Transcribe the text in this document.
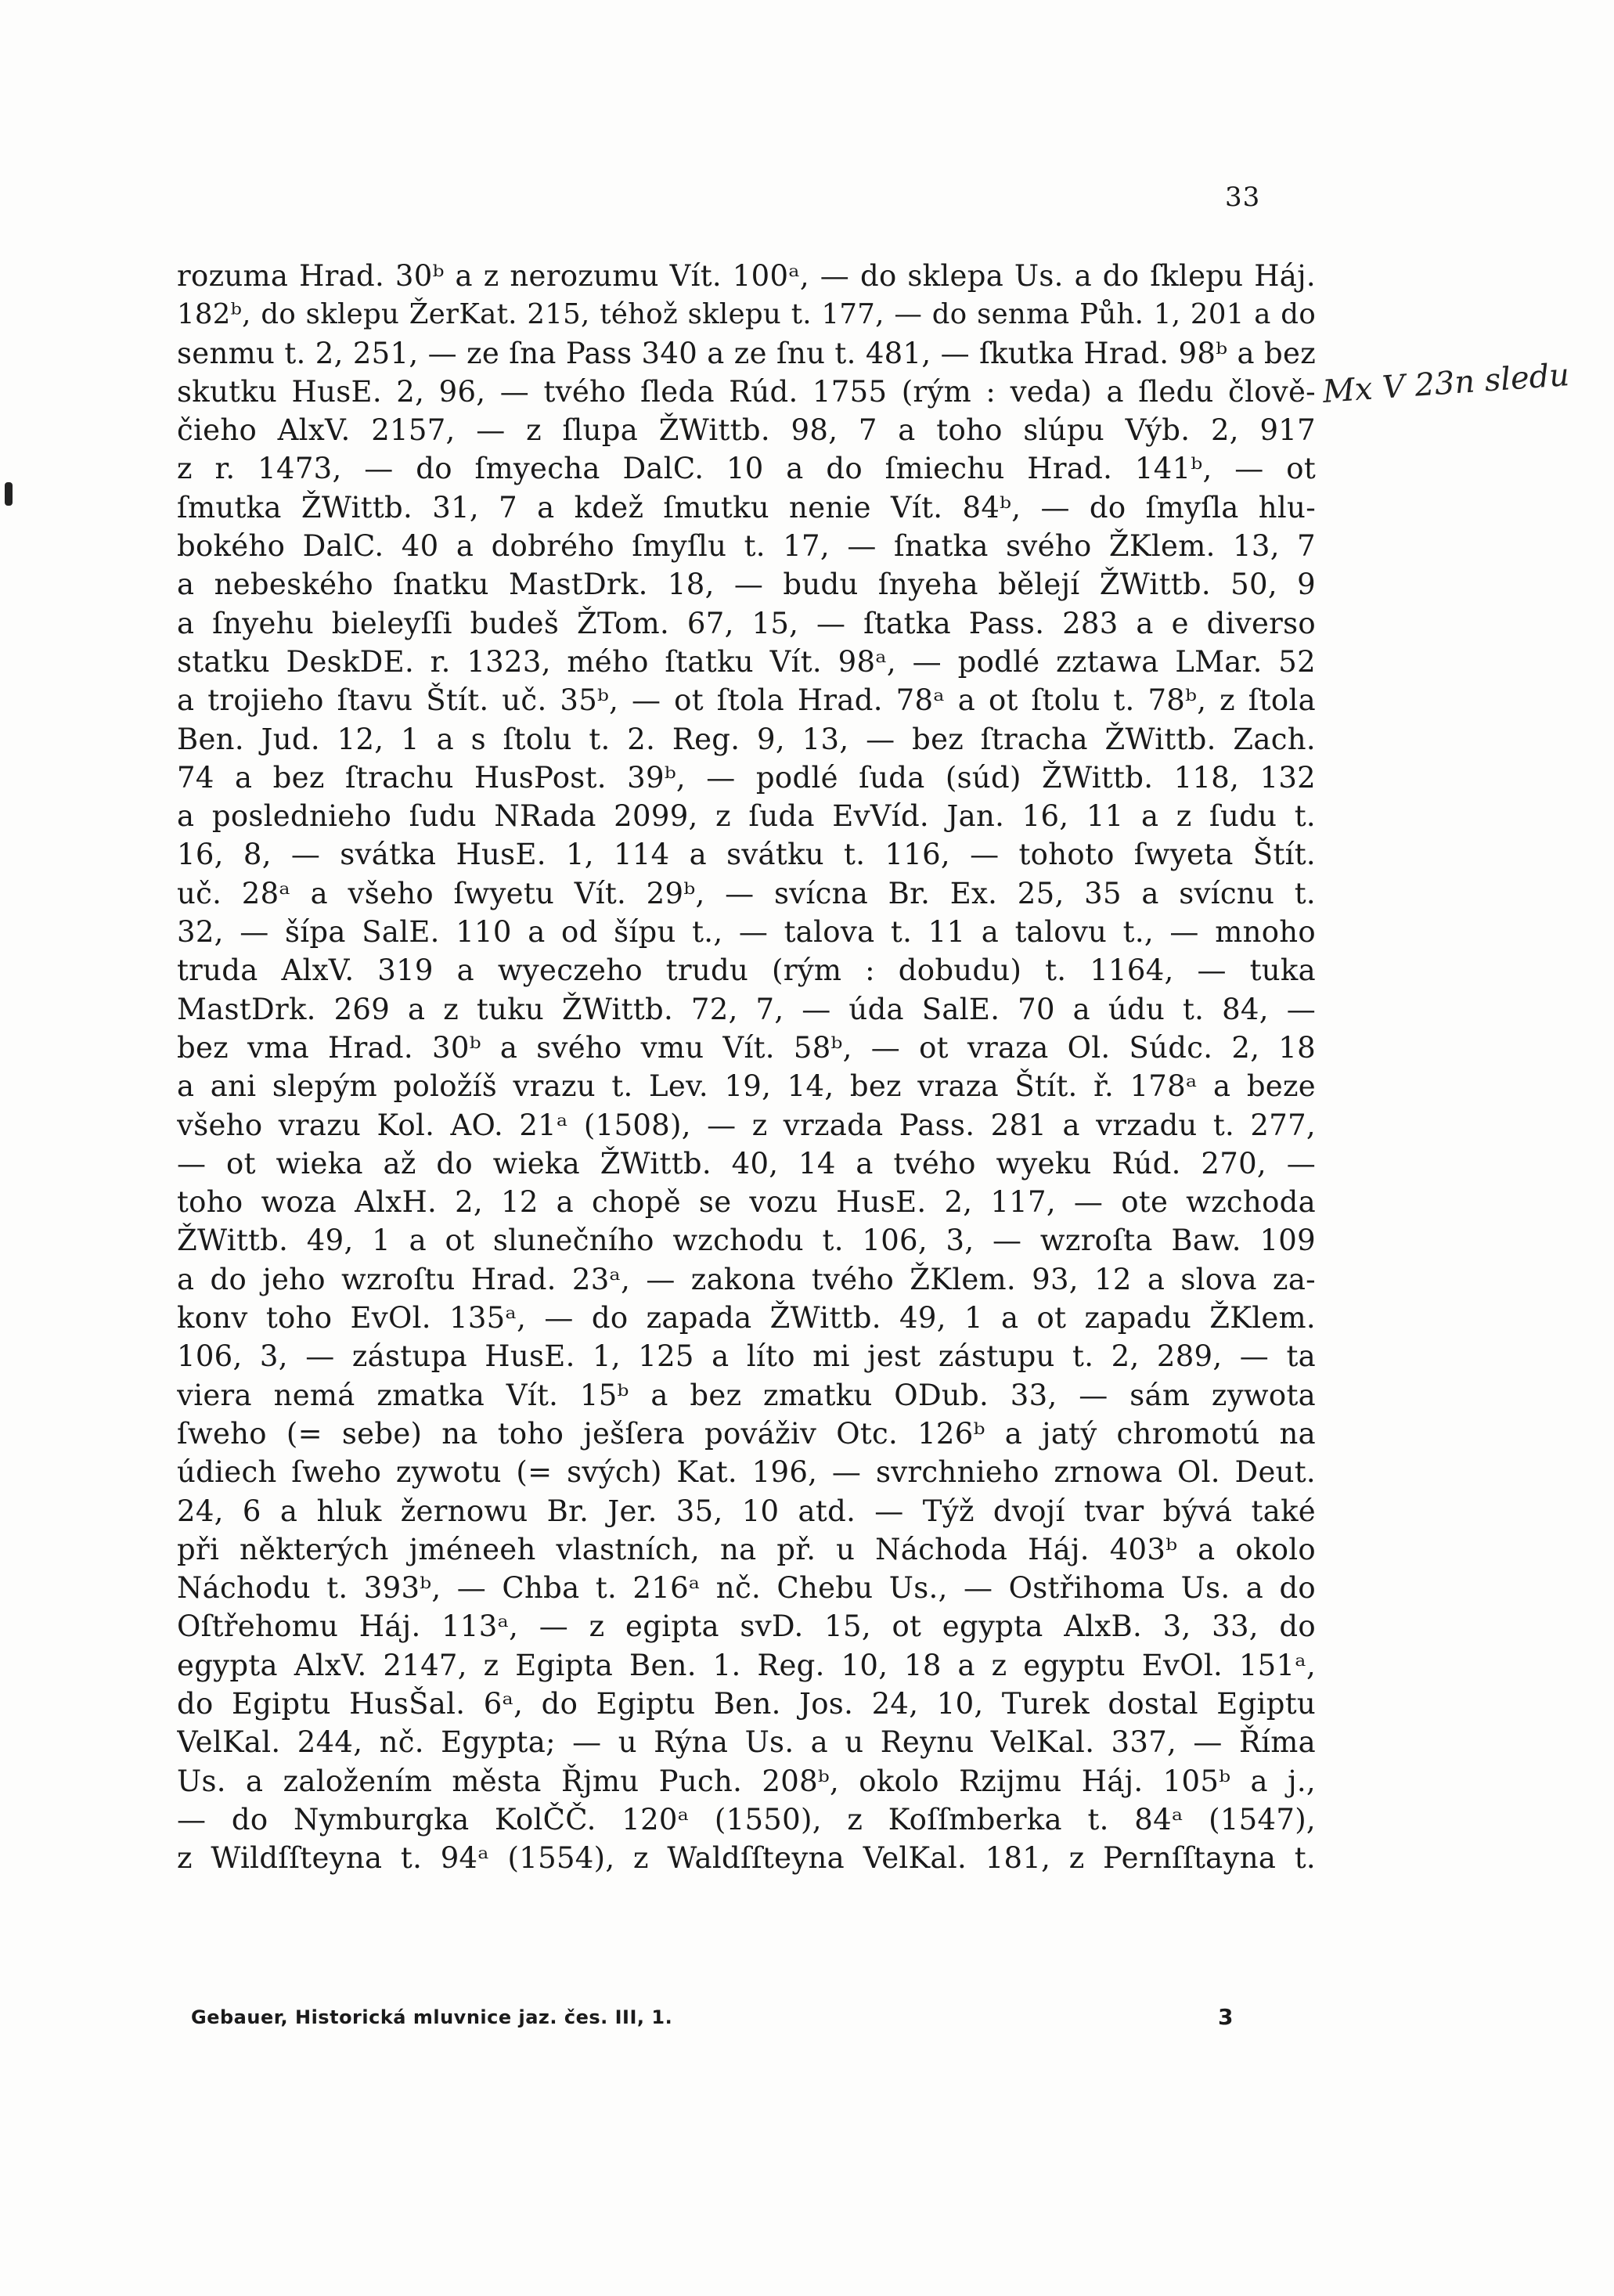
33
Mx V 23n sledu
rozuma Hrad. 30ᵇ a z nerozumu Vít. 100ᵃ, — do sklepa Us. a do ſklepu Háj.
182ᵇ, do sklepu ŽerKat. 215, téhož sklepu t. 177, — do senma Půh. 1, 201 a do
senmu t. 2, 251, — ze ſna Pass 340 a ze ſnu t. 481, — ſkutka Hrad. 98ᵇ a bez
skutku HusE. 2, 96, — tvého ſleda Rúd. 1755 (rým : veda) a ſledu člově-
čieho AlxV. 2157, — z ſlupa ŽWittb. 98, 7 a toho slúpu Výb. 2, 917
z r. 1473, — do ſmyecha DalC. 10 a do ſmiechu Hrad. 141ᵇ, — ot
ſmutka ŽWittb. 31, 7 a kdež ſmutku nenie Vít. 84ᵇ, — do ſmyſla hlu-
bokého DalC. 40 a dobrého ſmyſlu t. 17, — ſnatka svého ŽKlem. 13, 7
a nebeského ſnatku MastDrk. 18, — budu ſnyeha bělejí ŽWittb. 50, 9
a ſnyehu bieleyſſi budeš ŽTom. 67, 15, — ſtatka Pass. 283 a e diverso
statku DeskDE. r. 1323, mého ſtatku Vít. 98ᵃ, — podlé zztawa LMar. 52
a trojieho ſtavu Štít. uč. 35ᵇ, — ot ſtola Hrad. 78ᵃ a ot ſtolu t. 78ᵇ, z ſtola
Ben. Jud. 12, 1 a s ſtolu t. 2. Reg. 9, 13, — bez ſtracha ŽWittb. Zach.
74 a bez ſtrachu HusPost. 39ᵇ, — podlé ſuda (súd) ŽWittb. 118, 132
a poslednieho ſudu NRada 2099, z ſuda EvVíd. Jan. 16, 11 a z ſudu t.
16, 8, — svátka HusE. 1, 114 a svátku t. 116, — tohoto ſwyeta Štít.
uč. 28ᵃ a všeho ſwyetu Vít. 29ᵇ, — svícna Br. Ex. 25, 35 a svícnu t.
32, — šípa SalE. 110 a od šípu t., — talova t. 11 a talovu t., — mnoho
truda AlxV. 319 a wyeczeho trudu (rým : dobudu) t. 1164, — tuka
MastDrk. 269 a z tuku ŽWittb. 72, 7, — úda SalE. 70 a údu t. 84, —
bez vma Hrad. 30ᵇ a svého vmu Vít. 58ᵇ, — ot vraza Ol. Súdc. 2, 18
a ani slepým položíš vrazu t. Lev. 19, 14, bez vraza Štít. ř. 178ᵃ a beze
všeho vrazu Kol. AO. 21ᵃ (1508), — z vrzada Pass. 281 a vrzadu t. 277,
— ot wieka až do wieka ŽWittb. 40, 14 a tvého wyeku Rúd. 270, —
toho woza AlxH. 2, 12 a chopě se vozu HusE. 2, 117, — ote wzchoda
ŽWittb. 49, 1 a ot slunečního wzchodu t. 106, 3, — wzroſta Baw. 109
a do jeho wzroſtu Hrad. 23ᵃ, — zakona tvého ŽKlem. 93, 12 a slova za-
konv toho EvOl. 135ᵃ, — do zapada ŽWittb. 49, 1 a ot zapadu ŽKlem.
106, 3, — zástupa HusE. 1, 125 a líto mi jest zástupu t. 2, 289, — ta
viera nemá zmatka Vít. 15ᵇ a bez zmatku ODub. 33, — sám zywota
ſweho (= sebe) na toho ješſera pováživ Otc. 126ᵇ a jatý chromotú na
údiech ſweho zywotu (= svých) Kat. 196, — svrchnieho zrnowa Ol. Deut.
24, 6 a hluk žernowu Br. Jer. 35, 10 atd. — Týž dvojí tvar bývá také
při některých jméneeh vlastních, na př. u Náchoda Háj. 403ᵇ a okolo
Náchodu t. 393ᵇ, — Chba t. 216ᵃ nč. Chebu Us., — Ostřihoma Us. a do
Oſtřehomu Háj. 113ᵃ, — z egipta svD. 15, ot egypta AlxB. 3, 33, do
egypta AlxV. 2147, z Egipta Ben. 1. Reg. 10, 18 a z egyptu EvOl. 151ᵃ,
do Egiptu HusŠal. 6ᵃ, do Egiptu Ben. Jos. 24, 10, Turek dostal Egiptu
VelKal. 244, nč. Egypta; — u Rýna Us. a u Reynu VelKal. 337, — Říma
Us. a založením města Řjmu Puch. 208ᵇ, okolo Rzijmu Háj. 105ᵇ a j.,
— do Nymburgka KolČČ. 120ᵃ (1550), z Koſſmberka t. 84ᵃ (1547),
z Wildſſteyna t. 94ᵃ (1554), z Waldſſteyna VelKal. 181, z Pernſſtayna t.
Gebauer, Historická mluvnice jaz. čes. III, 1.	3
